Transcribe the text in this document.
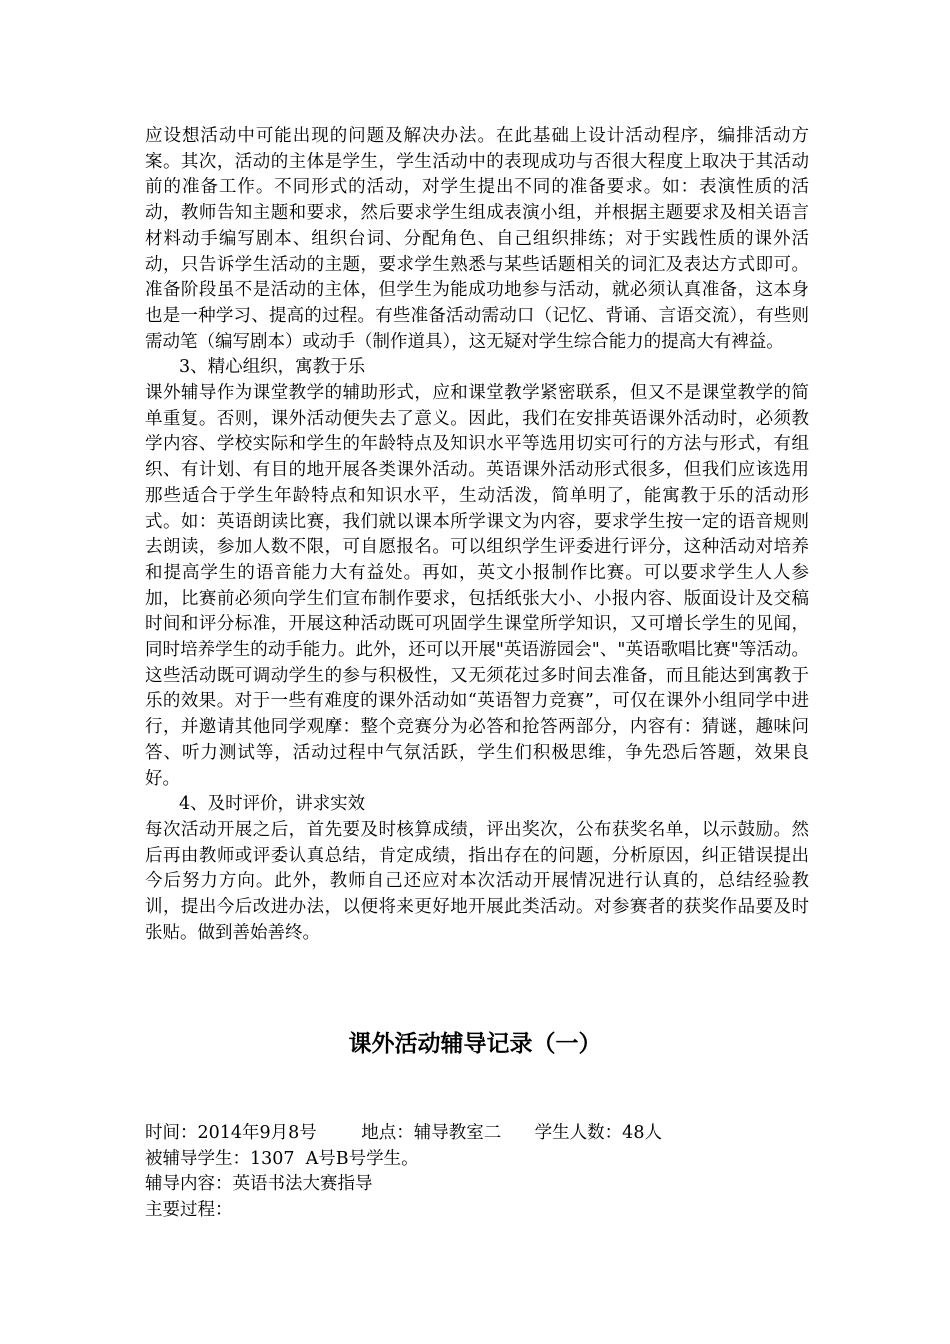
应设想活动中可能出现的问题及解决办法。在此基础上设计活动程序，编排活动方案。其次，活动的主体是学生，学生活动中的表现成功与否很大程度上取决于其活动前的准备工作。不同形式的活动，对学生提出不同的准备要求。如：表演性质的活动，教师告知主题和要求，然后要求学生组成表演小组，并根据主题要求及相关语言材料动手编写剧本、组织台词、分配角色、自己组织排练；对于实践性质的课外活动，只告诉学生活动的主题，要求学生熟悉与某些话题相关的词汇及表达方式即可。准备阶段虽不是活动的主体，但学生为能成功地参与活动，就必须认真准备，这本身也是一种学习、提高的过程。有些准备活动需动口（记忆、背诵、言语交流），有些则需动笔（编写剧本）或动手（制作道具），这无疑对学生综合能力的提高大有裨益。

3、精心组织，寓教于乐

课外辅导作为课堂教学的辅助形式，应和课堂教学紧密联系，但又不是课堂教学的简单重复。否则，课外活动便失去了意义。因此，我们在安排英语课外活动时，必须教学内容、学校实际和学生的年龄特点及知识水平等选用切实可行的方法与形式，有组织、有计划、有目的地开展各类课外活动。英语课外活动形式很多，但我们应该选用那些适合于学生年龄特点和知识水平，生动活泼，简单明了，能寓教于乐的活动形式。如：英语朗读比赛，我们就以课本所学课文为内容，要求学生按一定的语音规则去朗读，参加人数不限，可自愿报名。可以组织学生评委进行评分，这种活动对培养和提高学生的语音能力大有益处。再如，英文小报制作比赛。可以要求学生人人参加，比赛前必须向学生们宣布制作要求，包括纸张大小、小报内容、版面设计及交稿时间和评分标准，开展这种活动既可巩固学生课堂所学知识，又可增长学生的见闻，同时培养学生的动手能力。此外，还可以开展"英语游园会"、"英语歌唱比赛"等活动。这些活动既可调动学生的参与积极性，又无须花过多时间去准备，而且能达到寓教于乐的效果。对于一些有难度的课外活动如“英语智力竞赛”，可仅在课外小组同学中进行，并邀请其他同学观摩：整个竞赛分为必答和抢答两部分，内容有：猜谜，趣味问答、听力测试等，活动过程中气氛活跃，学生们积极思维，争先恐后答题，效果良好。

4、及时评价，讲求实效

每次活动开展之后，首先要及时核算成绩，评出奖次，公布获奖名单，以示鼓励。然后再由教师或评委认真总结，肯定成绩，指出存在的问题，分析原因，纠正错误提出今后努力方向。此外，教师自己还应对本次活动开展情况进行认真的，总结经验教训，提出今后改进办法，以便将来更好地开展此类活动。对参赛者的获奖作品要及时张贴。做到善始善终。

课外活动辅导记录（一）

时间：2014年9月8号        地点：辅导教室二      学生人数：48人

被辅导学生：1307  A号B号学生。

辅导内容：英语书法大赛指导

主要过程：
